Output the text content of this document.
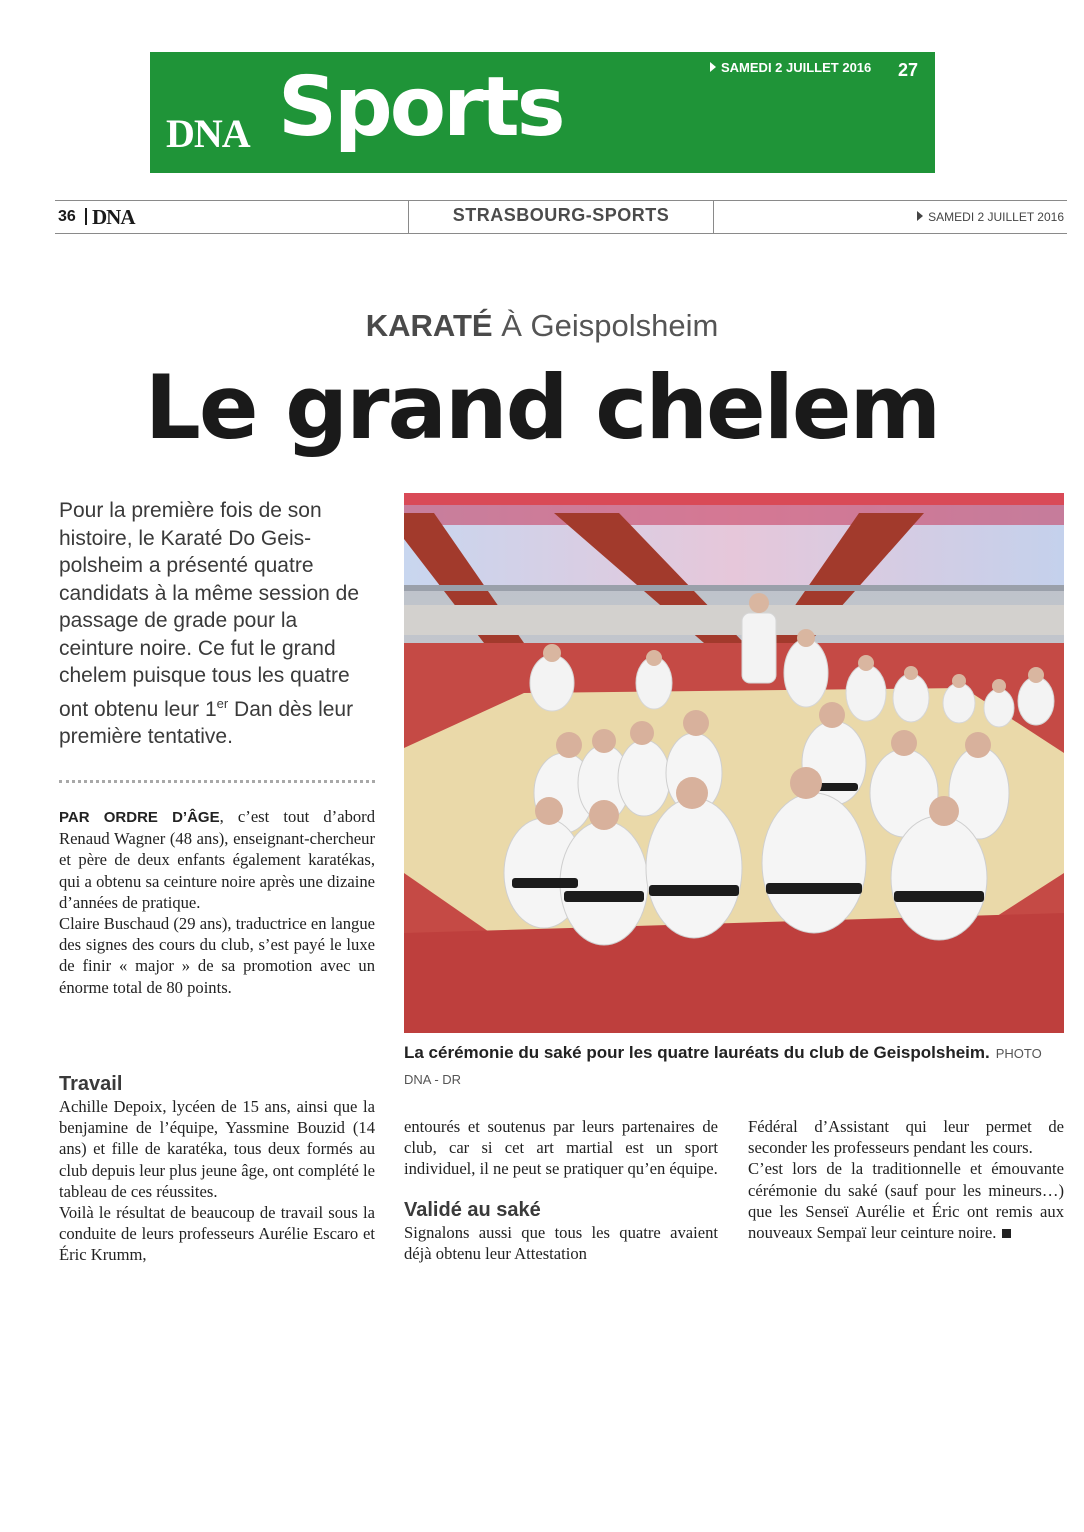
DNA Sports	SAMEDI 2 JUILLET 2016 27
36 DNA	STRASBOURG-SPORTS	SAMEDI 2 JUILLET 2016
KARATÉ À Geispolsheim
Le grand chelem
Pour la première fois de son histoire, le Karaté Do Geispolsheim a présenté quatre candidats à la même session de passage de grade pour la ceinture noire. Ce fut le grand chelem puisque tous les quatre ont obtenu leur 1er Dan dès leur première tentative.

PAR ORDRE D’ÂGE, c’est tout d’abord Renaud Wagner (48 ans), enseignant-chercheur et père de deux enfants également karatékas, qui a obtenu sa ceinture noire après une dizaine d’années de pratique.

Claire Buschaud (29 ans), traductrice en langue des signes des cours du club, s’est payé le luxe de finir « major » de sa promotion avec un énorme total de 80 points.

Travail

Achille Depoix, lycéen de 15 ans, ainsi que la benjamine de l’équipe, Yassmine Bouzid (14 ans) et fille de karatéka, tous deux formés au club depuis leur plus jeune âge, ont complété le tableau de ces réussites.

Voilà le résultat de beaucoup de travail sous la conduite de leurs professeurs Aurélie Escaro et Éric Krumm,

La cérémonie du saké pour les quatre lauréats du club de Geispolsheim. PHOTO DNA - DR

entourés et soutenus par leurs partenaires de club, car si cet art martial est un sport individuel, il ne peut se pratiquer qu’en équipe.

Validé au saké

Signalons aussi que tous les quatre avaient déjà obtenu leur Attestation

Fédéral d’Assistant qui leur permet de seconder les professeurs pendant les cours.

C’est lors de la traditionnelle et émouvante cérémonie du saké (sauf pour les mineurs…) que les Senseï Aurélie et Éric ont remis aux nouveaux Sempaï leur ceinture noire.
